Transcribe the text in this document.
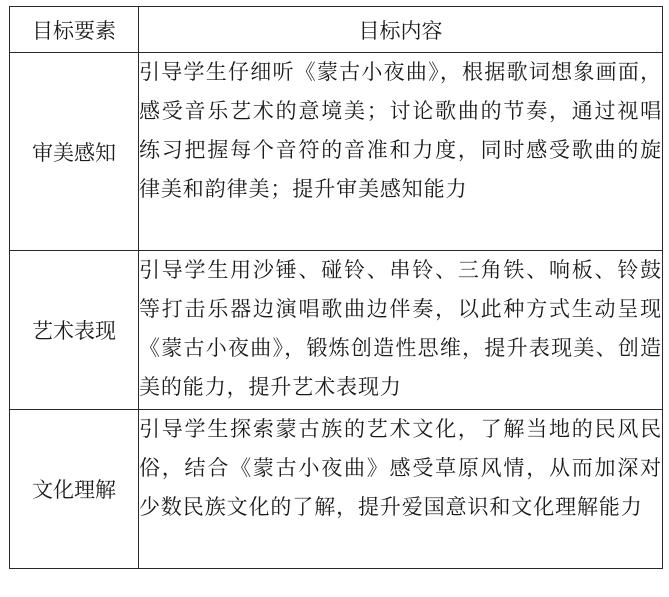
目标要素	目标内容
审美感知	引导学生仔细听《蒙古小夜曲》，根据歌词想象画面，感受音乐艺术的意境美；讨论歌曲的节奏，通过视唱练习把握每个音符的音准和力度，同时感受歌曲的旋律美和韵律美；提升审美感知能力
艺术表现	引导学生用沙锤、碰铃、串铃、三角铁、响板、铃鼓等打击乐器边演唱歌曲边伴奏，以此种方式生动呈现《蒙古小夜曲》，锻炼创造性思维，提升表现美、创造美的能力，提升艺术表现力
文化理解	引导学生探索蒙古族的艺术文化，了解当地的民风民俗，结合《蒙古小夜曲》感受草原风情，从而加深对少数民族文化的了解，提升爱国意识和文化理解能力
